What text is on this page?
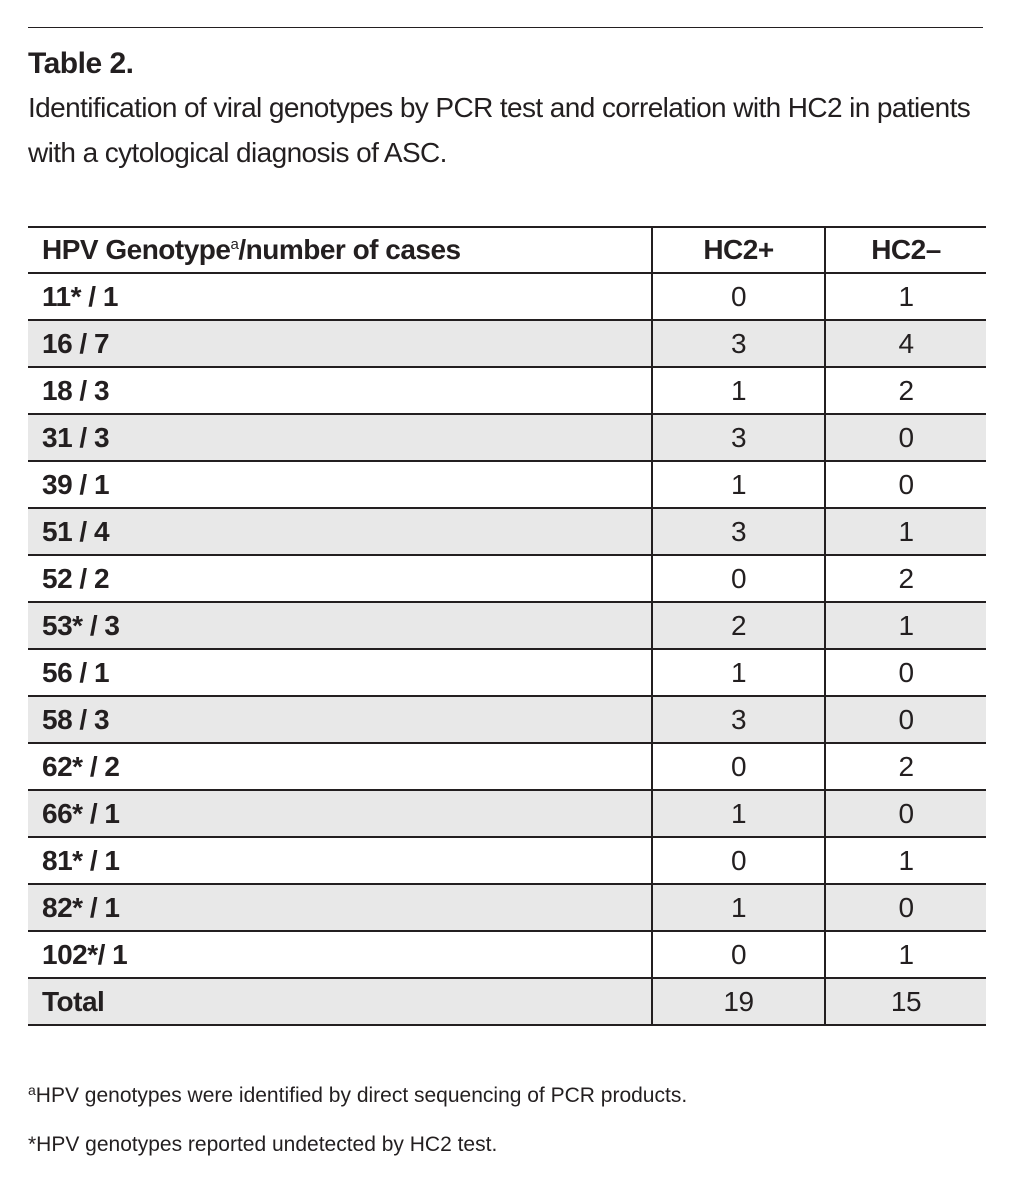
Table 2.
Identification of viral genotypes by PCR test and correlation with HC2 in patients with a cytological diagnosis of ASC.
HPV Genotype$^a$/number of cases	HC2+	HC2–
11* / 1	0	1
16 / 7	3	4
18 / 3	1	2
31 / 3	3	0
39 / 1	1	0
51 / 4	3	1
52 / 2	0	2
53* / 3	2	1
56 / 1	1	0
58 / 3	3	0
62* / 2	0	2
66* / 1	1	0
81* / 1	0	1
82* / 1	1	0
102*/ 1	0	1
Total	19	15
$^a$HPV genotypes were identified by direct sequencing of PCR products.
*HPV genotypes reported undetected by HC2 test.
